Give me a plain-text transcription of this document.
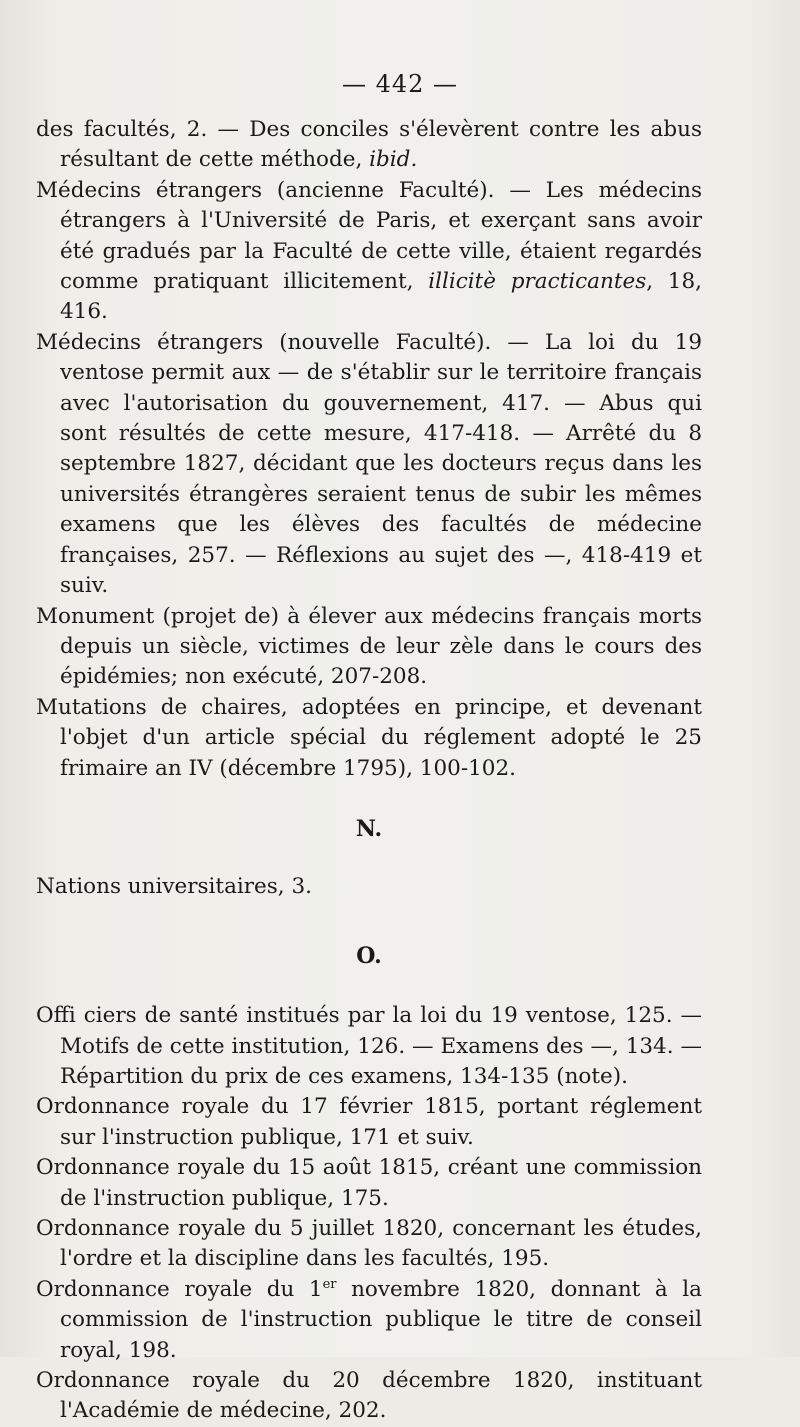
— 442 —

des facultés, 2. — Des conciles s'élevèrent contre les abus résultant de cette méthode, ibid.

Médecins étrangers (ancienne Faculté). — Les médecins étrangers à l'Université de Paris, et exerçant sans avoir été gradués par la Faculté de cette ville, étaient regardés comme pratiquant illicitement, illicitè practicantes, 18, 416.

Médecins étrangers (nouvelle Faculté). — La loi du 19 ventose permit aux — de s'établir sur le territoire français avec l'autorisation du gouvernement, 417. — Abus qui sont résultés de cette mesure, 417-418. — Arrêté du 8 septembre 1827, décidant que les docteurs reçus dans les universités étrangères seraient tenus de subir les mêmes examens que les élèves des facultés de médecine françaises, 257. — Réflexions au sujet des —, 418-419 et suiv.

Monument (projet de) à élever aux médecins français morts depuis un siècle, victimes de leur zèle dans le cours des épidémies; non exécuté, 207-208.

Mutations de chaires, adoptées en principe, et devenant l'objet d'un article spécial du réglement adopté le 25 frimaire an IV (décembre 1795), 100-102.

N.

Nations universitaires, 3.

O.

Offi ciers de santé institués par la loi du 19 ventose, 125. — Motifs de cette institution, 126. — Examens des —, 134. — Répartition du prix de ces examens, 134-135 (note).

Ordonnance royale du 17 février 1815, portant réglement sur l'instruction publique, 171 et suiv.

Ordonnance royale du 15 août 1815, créant une commission de l'instruction publique, 175.

Ordonnance royale du 5 juillet 1820, concernant les études, l'ordre et la discipline dans les facultés, 195.

Ordonnance royale du 1er novembre 1820, donnant à la commission de l'instruction publique le titre de conseil royal, 198.

Ordonnance royale du 20 décembre 1820, instituant l'Académie de médecine, 202.
